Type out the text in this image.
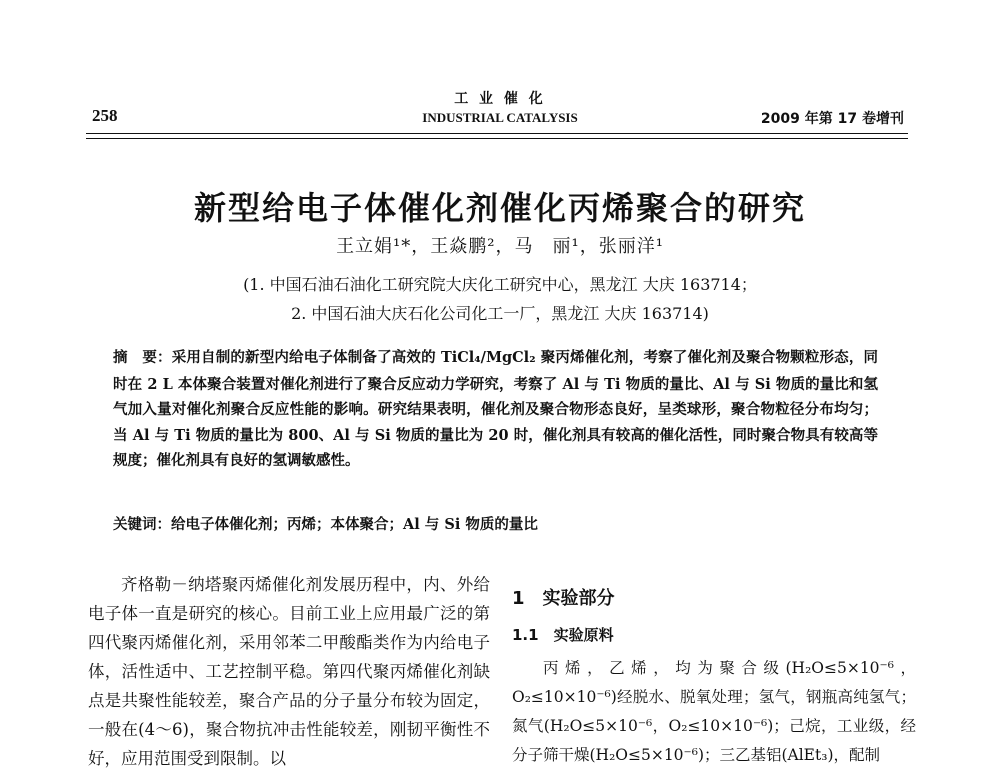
258
工 业 催 化
INDUSTRIAL CATALYSIS	2009 年第 17 卷增刊
新型给电子体催化剂催化丙烯聚合的研究
王立娟¹*，王焱鹏²，马　丽¹，张丽洋¹
(1. 中国石油石油化工研究院大庆化工研究中心，黑龙江 大庆 163714；
2. 中国石油大庆石化公司化工一厂，黑龙江 大庆 163714)
摘　要：采用自制的新型内给电子体制备了高效的 TiCl₄/MgCl₂ 聚丙烯催化剂，考察了催化剂及聚合物颗粒形态，同时在 2 L 本体聚合装置对催化剂进行了聚合反应动力学研究，考察了 Al 与 Ti 物质的量比、Al 与 Si 物质的量比和氢气加入量对催化剂聚合反应性能的影响。研究结果表明，催化剂及聚合物形态良好，呈类球形，聚合物粒径分布均匀；当 Al 与 Ti 物质的量比为 800、Al 与 Si 物质的量比为 20 时，催化剂具有较高的催化活性，同时聚合物具有较高等规度；催化剂具有良好的氢调敏感性。
关键词：给电子体催化剂；丙烯；本体聚合；Al 与 Si 物质的量比

齐格勒－纳塔聚丙烯催化剂发展历程中，内、外给电子体一直是研究的核心。目前工业上应用最广泛的第四代聚丙烯催化剂，采用邻苯二甲酸酯类作为内给电子体，活性适中、工艺控制平稳。第四代聚丙烯催化剂缺点是共聚性能较差，聚合产品的分子量分布较为固定，一般在(4～6)，聚合物抗冲击性能较差，刚韧平衡性不好，应用范围受到限制。以

1　实验部分
1.1　实验原料

丙烯，乙烯，均为聚合级(H₂O≤5×10⁻⁶，O₂≤10×10⁻⁶)经脱水、脱氧处理；氢气，钢瓶高纯氢气；氮气(H₂O≤5×10⁻⁶，O₂≤10×10⁻⁶)；己烷，工业级，经分子筛干燥(H₂O≤5×10⁻⁶)；三乙基铝(AlEt₃)，配制
